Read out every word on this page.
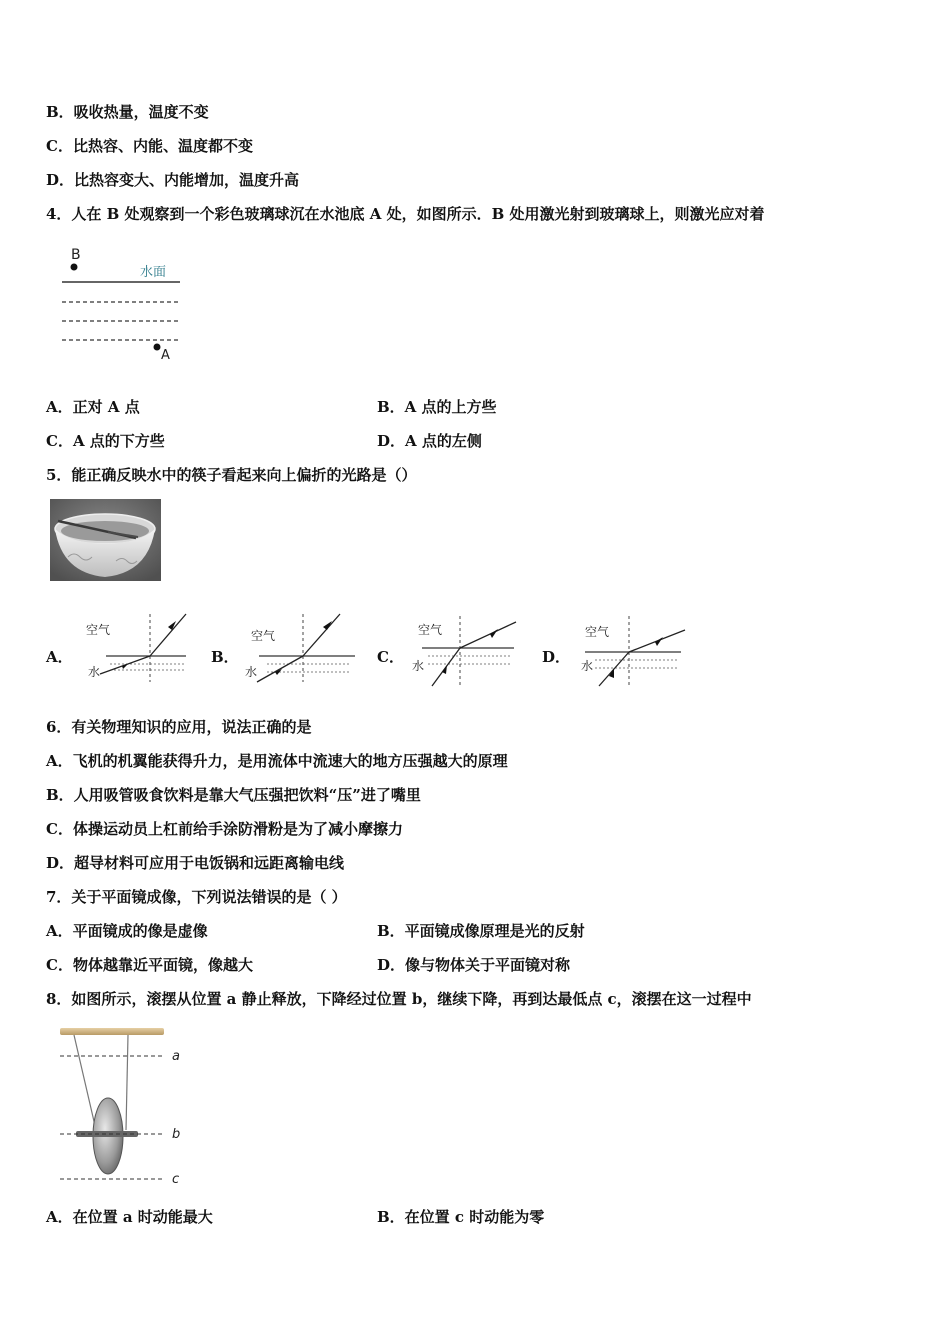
B．吸收热量，温度不变
C．比热容、内能、温度都不变
D．比热容变大、内能增加，温度升高
4．人在 B 处观察到一个彩色玻璃球沉在水池底 A 处，如图所示．B 处用激光射到玻璃球上，则激光应对着
B
水面
A
A．正对 A 点	B．A 点的上方些
C．A 点的下方些	D．A 点的左侧
5．能正确反映水中的筷子看起来向上偏折的光路是（）
A．
空气
水
B．
空气
水
C．
空气
水	D．
空气
水
6．有关物理知识的应用，说法正确的是
A．飞机的机翼能获得升力，是用流体中流速大的地方压强越大的原理
B．人用吸管吸食饮料是靠大气压强把饮料“压”进了嘴里
C．体操运动员上杠前给手涂防滑粉是为了减小摩擦力
D．超导材料可应用于电饭锅和远距离输电线
7．关于平面镜成像，下列说法错误的是（ ）
A．平面镜成的像是虚像	B．平面镜成像原理是光的反射
C．物体越靠近平面镜，像越大	D．像与物体关于平面镜对称
8．如图所示，滚摆从位置 a 静止释放，下降经过位置 b，继续下降，再到达最低点 c，滚摆在这一过程中
a
b
c
A．在位置 a 时动能最大	B．在位置 c 时动能为零
